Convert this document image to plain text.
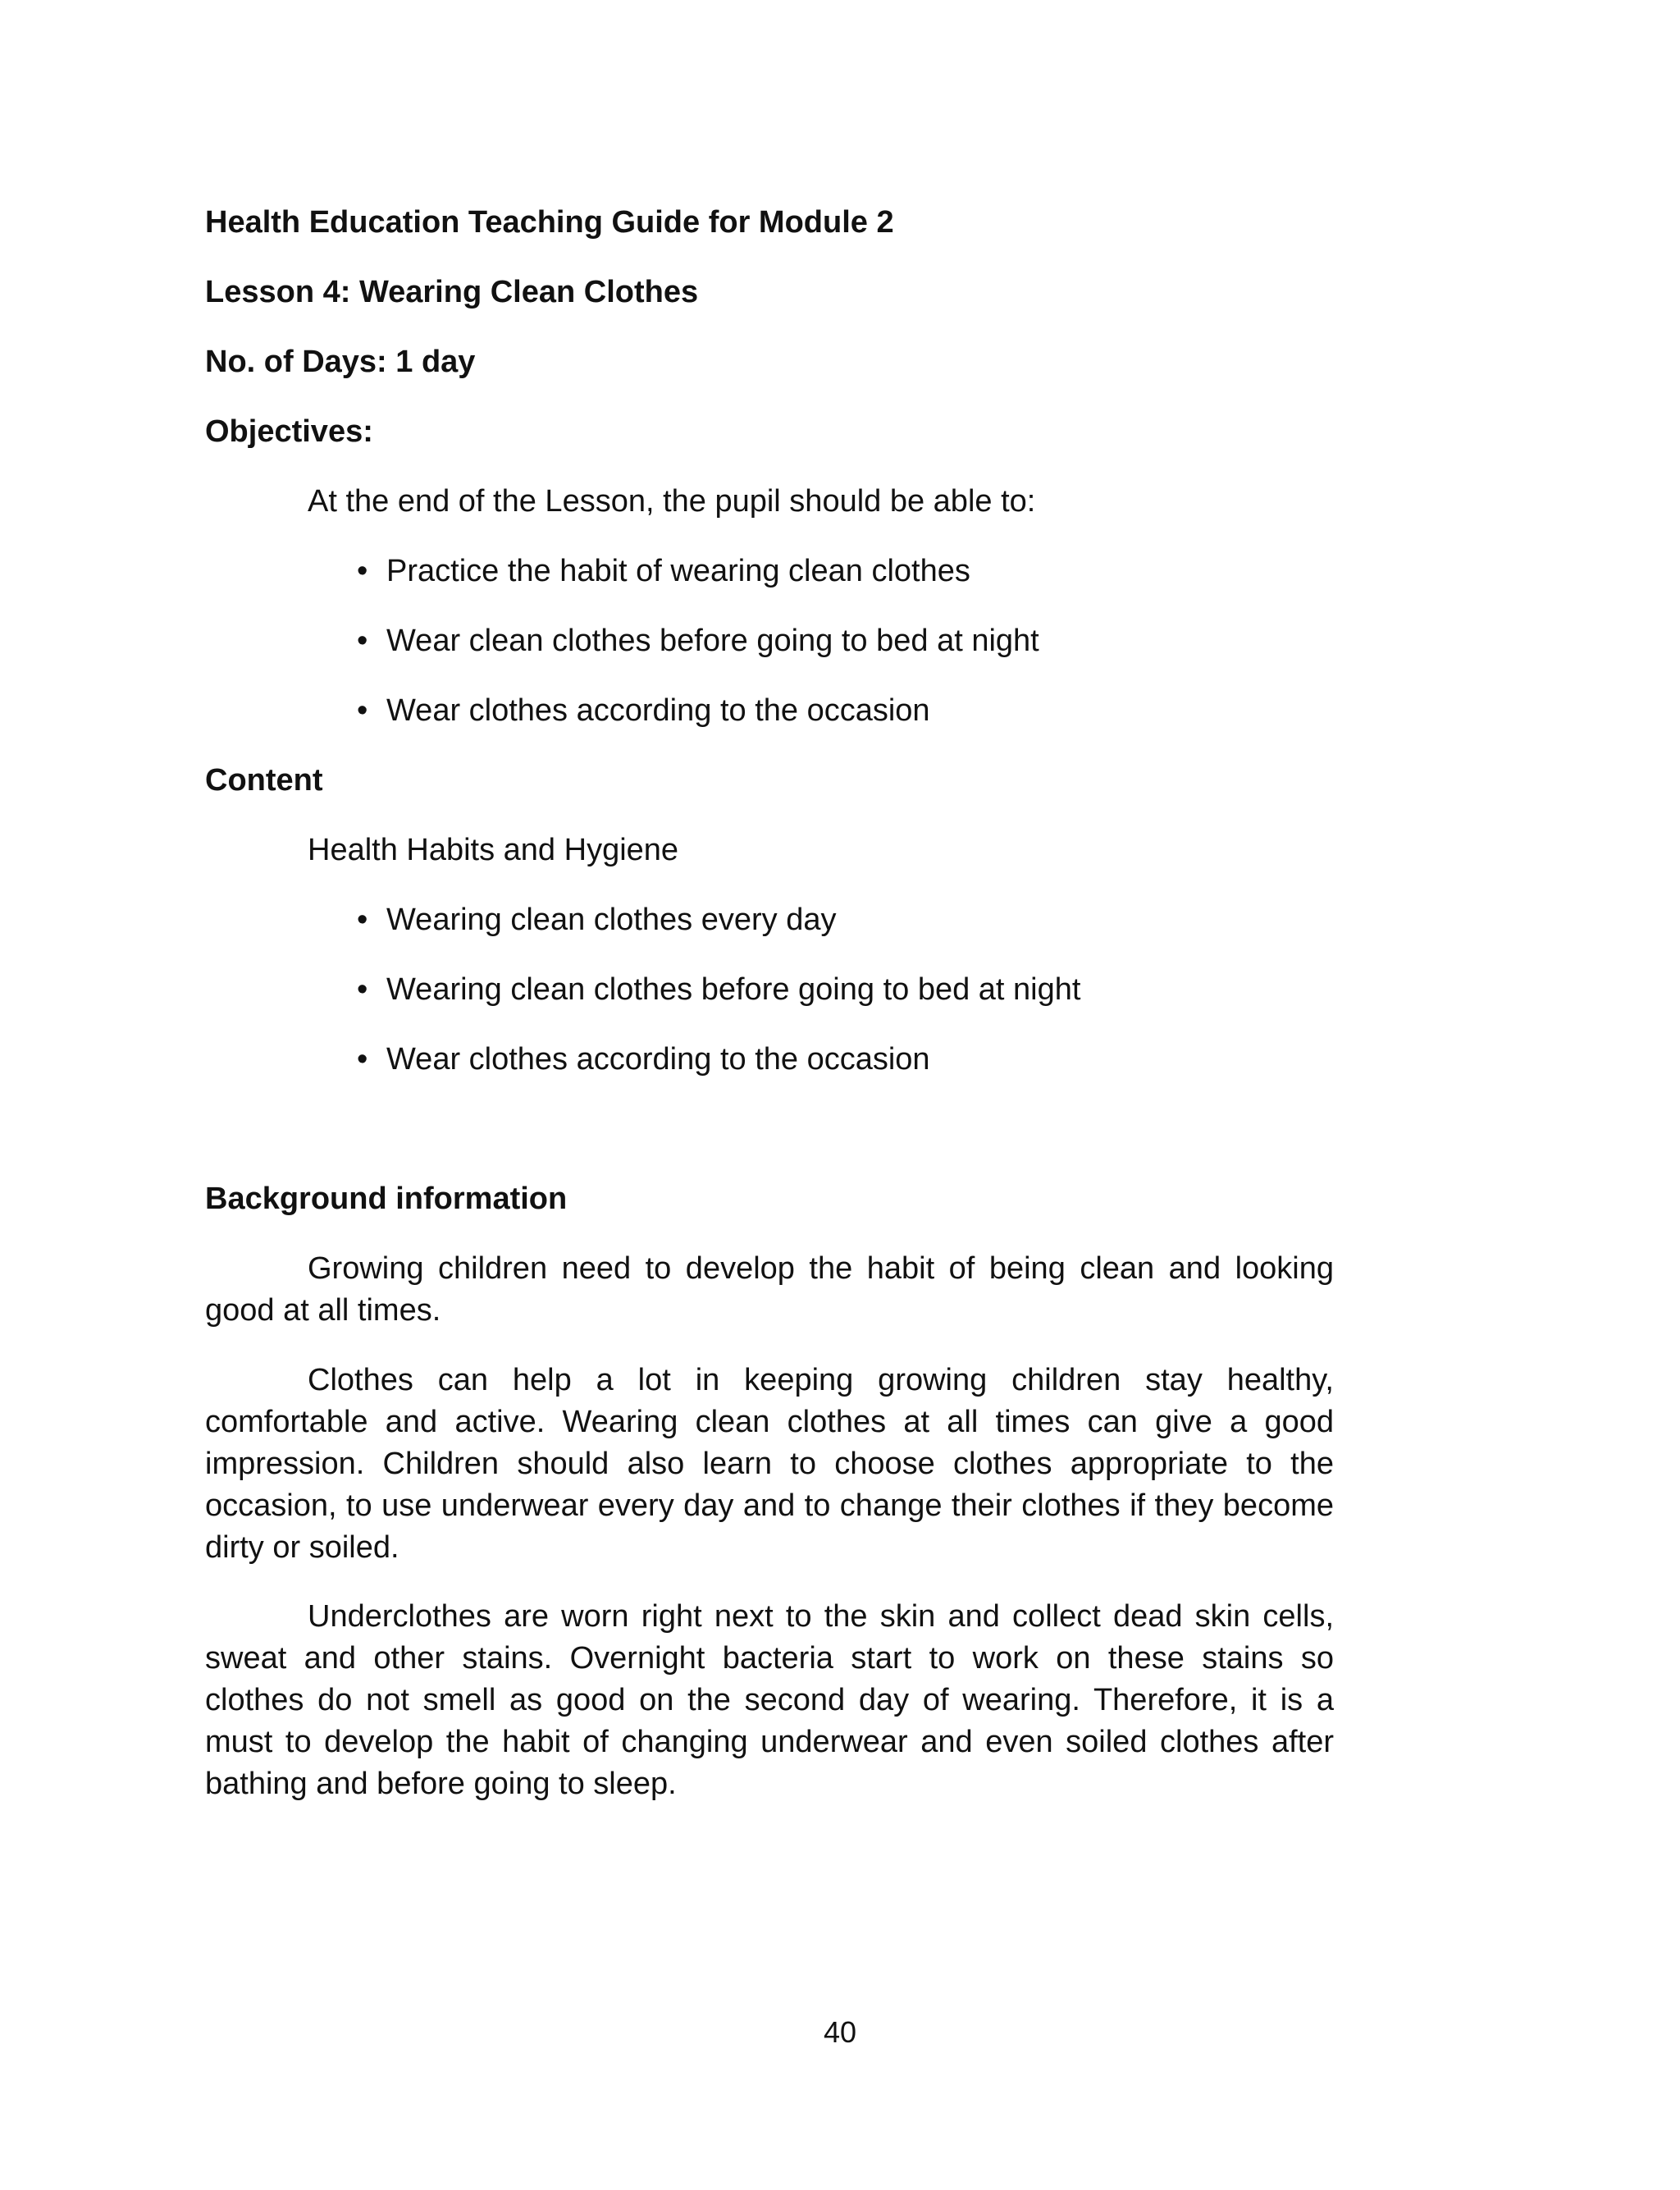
Health Education Teaching Guide for Module 2
Lesson 4: Wearing Clean Clothes
No. of Days: 1 day
Objectives:
At the end of the Lesson, the pupil should be able to:
• Practice the habit of wearing clean clothes
• Wear clean clothes before going to bed at night
• Wear clothes according to the occasion
Content
Health Habits and Hygiene
• Wearing clean clothes every day
• Wearing clean clothes before going to bed at night
• Wear clothes according to the occasion
Background information

Growing children need to develop the habit of being clean and looking good at all times.

Clothes can help a lot in keeping growing children stay healthy, comfortable and active. Wearing clean clothes at all times can give a good impression. Children should also learn to choose clothes appropriate to the occasion, to use underwear every day and to change their clothes if they become dirty or soiled.

Underclothes are worn right next to the skin and collect dead skin cells, sweat and other stains. Overnight bacteria start to work on these stains so clothes do not smell as good on the second day of wearing. Therefore, it is a must to develop the habit of changing underwear and even soiled clothes after bathing and before going to sleep.

40
